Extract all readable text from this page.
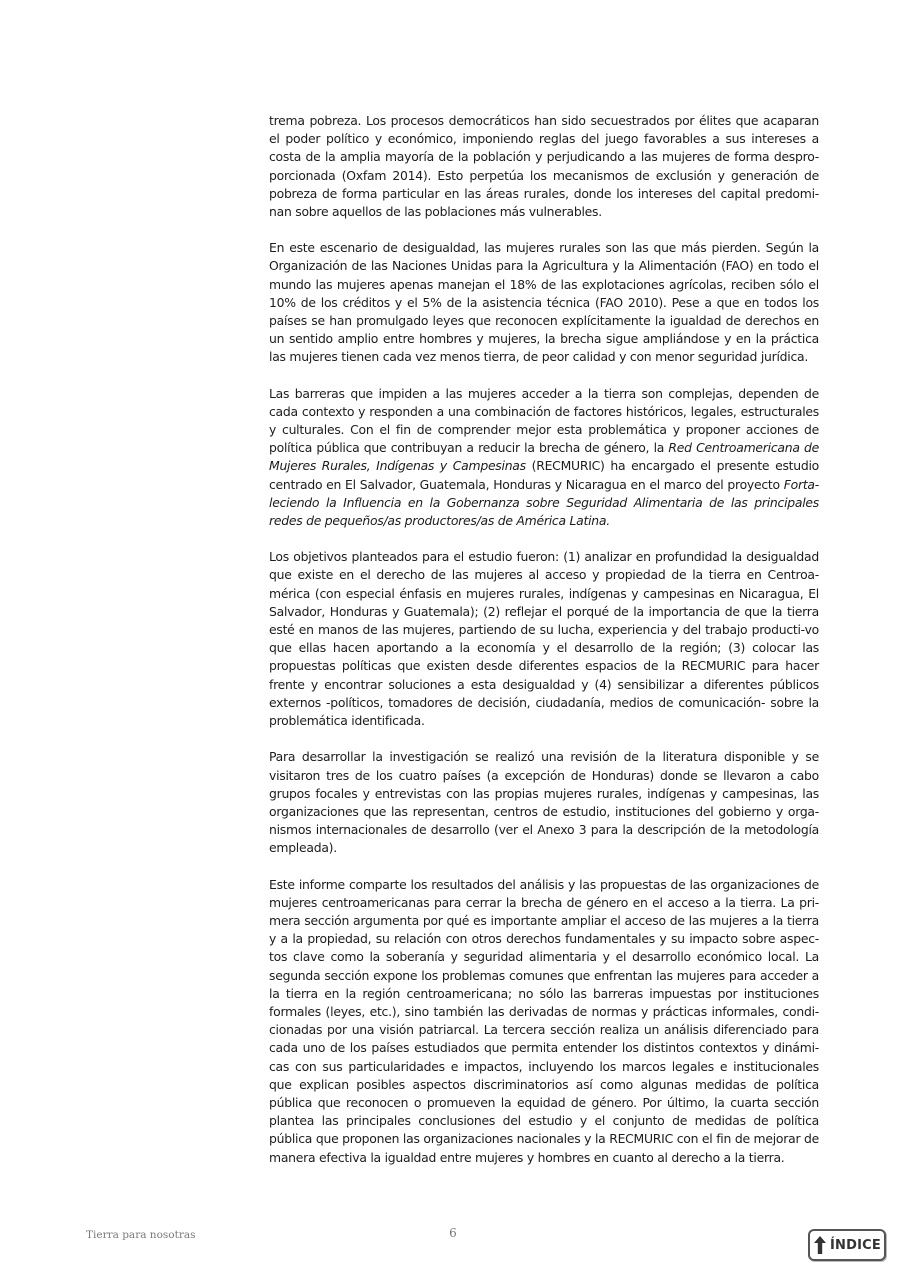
trema pobreza. Los procesos democráticos han sido secuestrados por élites que acaparan el poder político y económico, imponiendo reglas del juego favorables a sus intereses a costa de la amplia mayoría de la población y perjudicando a las mujeres de forma despro-porcionada (Oxfam 2014). Esto perpetúa los mecanismos de exclusión y generación de pobreza de forma particular en las áreas rurales, donde los intereses del capital predomi-nan sobre aquellos de las poblaciones más vulnerables.

En este escenario de desigualdad, las mujeres rurales son las que más pierden. Según la Organización de las Naciones Unidas para la Agricultura y la Alimentación (FAO) en todo el mundo las mujeres apenas manejan el 18% de las explotaciones agrícolas, reciben sólo el 10% de los créditos y el 5% de la asistencia técnica (FAO 2010). Pese a que en todos los países se han promulgado leyes que reconocen explícitamente la igualdad de derechos en un sentido amplio entre hombres y mujeres, la brecha sigue ampliándose y en la práctica las mujeres tienen cada vez menos tierra, de peor calidad y con menor seguridad jurídica.

Las barreras que impiden a las mujeres acceder a la tierra son complejas, dependen de cada contexto y responden a una combinación de factores históricos, legales, estructurales y culturales. Con el fin de comprender mejor esta problemática y proponer acciones de política pública que contribuyan a reducir la brecha de género, la Red Centroamericana de Mujeres Rurales, Indígenas y Campesinas (RECMURIC) ha encargado el presente estudio centrado en El Salvador, Guatemala, Honduras y Nicaragua en el marco del proyecto Forta-leciendo la Influencia en la Gobernanza sobre Seguridad Alimentaria de las principales redes de pequeños/as productores/as de América Latina.

Los objetivos planteados para el estudio fueron: (1) analizar en profundidad la desigualdad que existe en el derecho de las mujeres al acceso y propiedad de la tierra en Centroa-mérica (con especial énfasis en mujeres rurales, indígenas y campesinas en Nicaragua, El Salvador, Honduras y Guatemala); (2) reflejar el porqué de la importancia de que la tierra esté en manos de las mujeres, partiendo de su lucha, experiencia y del trabajo producti-vo que ellas hacen aportando a la economía y el desarrollo de la región; (3) colocar las propuestas políticas que existen desde diferentes espacios de la RECMURIC para hacer frente y encontrar soluciones a esta desigualdad y (4) sensibilizar a diferentes públicos externos -políticos, tomadores de decisión, ciudadanía, medios de comunicación- sobre la problemática identificada.

Para desarrollar la investigación se realizó una revisión de la literatura disponible y se visitaron tres de los cuatro países (a excepción de Honduras) donde se llevaron a cabo grupos focales y entrevistas con las propias mujeres rurales, indígenas y campesinas, las organizaciones que las representan, centros de estudio, instituciones del gobierno y orga-nismos internacionales de desarrollo (ver el Anexo 3 para la descripción de la metodología empleada).

Este informe comparte los resultados del análisis y las propuestas de las organizaciones de mujeres centroamericanas para cerrar la brecha de género en el acceso a la tierra. La pri-mera sección argumenta por qué es importante ampliar el acceso de las mujeres a la tierra y a la propiedad, su relación con otros derechos fundamentales y su impacto sobre aspec-tos clave como la soberanía y seguridad alimentaria y el desarrollo económico local. La segunda sección expone los problemas comunes que enfrentan las mujeres para acceder a la tierra en la región centroamericana; no sólo las barreras impuestas por instituciones formales (leyes, etc.), sino también las derivadas de normas y prácticas informales, condi-cionadas por una visión patriarcal. La tercera sección realiza un análisis diferenciado para cada uno de los países estudiados que permita entender los distintos contextos y dinámi-cas con sus particularidades e impactos, incluyendo los marcos legales e institucionales que explican posibles aspectos discriminatorios así como algunas medidas de política pública que reconocen o promueven la equidad de género. Por último, la cuarta sección plantea las principales conclusiones del estudio y el conjunto de medidas de política pública que proponen las organizaciones nacionales y la RECMURIC con el fin de mejorar de manera efectiva la igualdad entre mujeres y hombres en cuanto al derecho a la tierra.

Tierra para nosotras	6
ÍNDICE
